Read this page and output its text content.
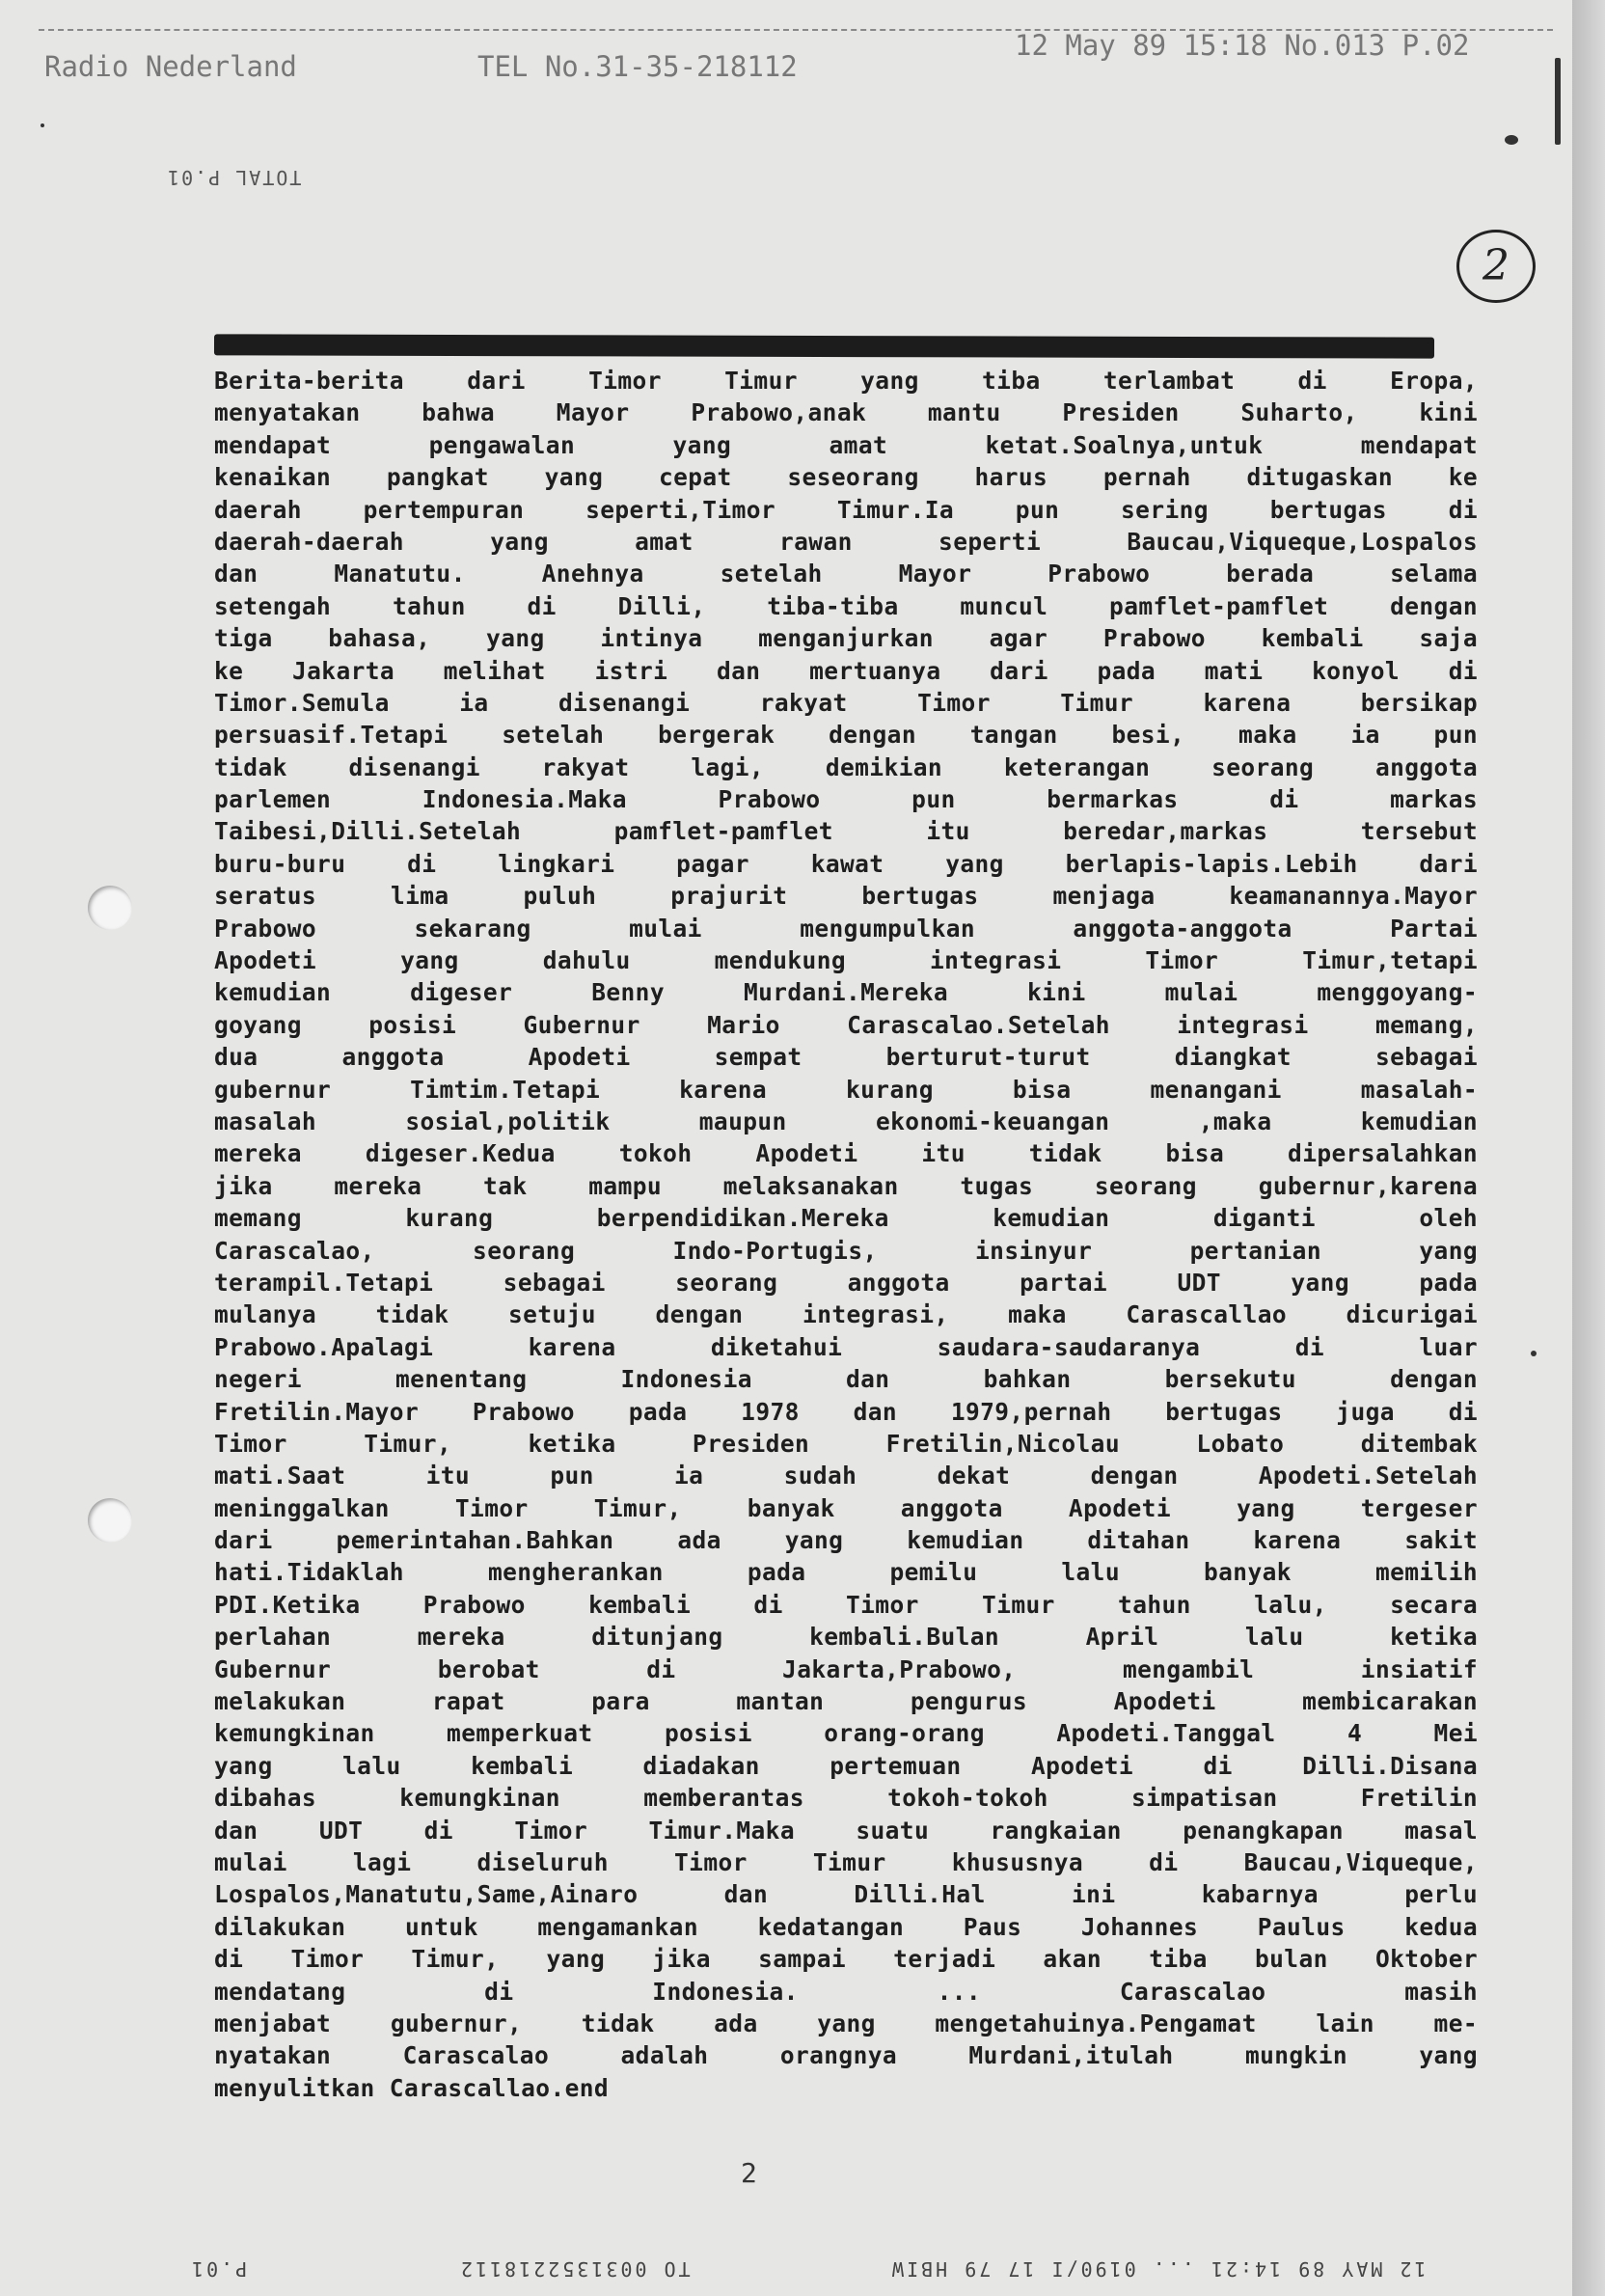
Radio Nederland	TEL No.31-35-218112
12 May 89 15:18 No.013 P.02
TOTAL P.01
2
Berita-berita dari Timor Timur yang tiba terlambat di Eropa,
menyatakan bahwa Mayor Prabowo,anak mantu Presiden Suharto, kini
mendapat pengawalan yang amat ketat.Soalnya,untuk mendapat
kenaikan pangkat yang cepat seseorang harus pernah ditugaskan ke
daerah pertempuran seperti,Timor Timur.Ia pun sering bertugas di
daerah-daerah yang amat rawan seperti Baucau,Viqueque,Lospalos
dan Manatutu. Anehnya setelah Mayor Prabowo berada selama
setengah tahun di Dilli, tiba-tiba muncul pamflet-pamflet dengan
tiga bahasa, yang intinya menganjurkan agar Prabowo kembali saja
ke Jakarta melihat istri dan mertuanya dari pada mati konyol di
Timor.Semula ia disenangi rakyat Timor Timur karena bersikap
persuasif.Tetapi setelah bergerak dengan tangan besi, maka ia pun
tidak disenangi rakyat lagi, demikian keterangan seorang anggota
parlemen Indonesia.Maka Prabowo pun bermarkas di markas
Taibesi,Dilli.Setelah pamflet-pamflet itu beredar,markas tersebut
buru-buru di lingkari pagar kawat yang berlapis-lapis.Lebih dari
seratus lima puluh prajurit bertugas menjaga keamanannya.Mayor
Prabowo sekarang mulai mengumpulkan anggota-anggota Partai
Apodeti yang dahulu mendukung integrasi Timor Timur,tetapi
kemudian digeser Benny Murdani.Mereka kini mulai menggoyang-
goyang posisi Gubernur Mario Carascalao.Setelah integrasi memang,
dua anggota Apodeti sempat berturut-turut diangkat sebagai
gubernur Timtim.Tetapi karena kurang bisa menangani masalah-
masalah sosial,politik maupun ekonomi-keuangan ,maka kemudian
mereka digeser.Kedua tokoh Apodeti itu tidak bisa dipersalahkan
jika mereka tak mampu melaksanakan tugas seorang gubernur,karena
memang kurang berpendidikan.Mereka kemudian diganti oleh
Carascalao, seorang Indo-Portugis, insinyur pertanian yang
terampil.Tetapi sebagai seorang anggota partai UDT yang pada
mulanya tidak setuju dengan integrasi, maka Carascallao dicurigai
Prabowo.Apalagi karena diketahui saudara-saudaranya di luar
negeri menentang Indonesia dan bahkan bersekutu dengan
Fretilin.Mayor Prabowo pada 1978 dan 1979,pernah bertugas juga di
Timor Timur, ketika Presiden Fretilin,Nicolau Lobato ditembak
mati.Saat itu pun ia sudah dekat dengan Apodeti.Setelah
meninggalkan Timor Timur, banyak anggota Apodeti yang tergeser
dari pemerintahan.Bahkan ada yang kemudian ditahan karena sakit
hati.Tidaklah mengherankan pada pemilu lalu banyak memilih
PDI.Ketika Prabowo kembali di Timor Timur tahun lalu, secara
perlahan mereka ditunjang kembali.Bulan April lalu ketika
Gubernur berobat di Jakarta,Prabowo, mengambil insiatif
melakukan rapat para mantan pengurus Apodeti membicarakan
kemungkinan memperkuat posisi orang-orang Apodeti.Tanggal 4 Mei
yang lalu kembali diadakan pertemuan Apodeti di Dilli.Disana
dibahas kemungkinan memberantas tokoh-tokoh simpatisan Fretilin
dan UDT di Timor Timur.Maka suatu rangkaian penangkapan masal
mulai lagi diseluruh Timor Timur khususnya di Baucau,Viqueque,
Lospalos,Manatutu,Same,Ainaro dan Dilli.Hal ini kabarnya perlu
dilakukan untuk mengamankan kedatangan Paus Johannes Paulus kedua
di Timor Timur, yang jika sampai terjadi akan tiba bulan Oktober
mendatang di Indonesia. ... Carascalao masih
menjabat gubernur, tidak ada yang mengetahuinya.Pengamat lain me-
nyatakan Carascalao adalah orangnya Murdani,itulah mungkin yang
menyulitkan Carascallao.end
2
P.01	TO 0031352218112	12 MAY 89 14:21 ... 0190/I 17 79 HBIW
